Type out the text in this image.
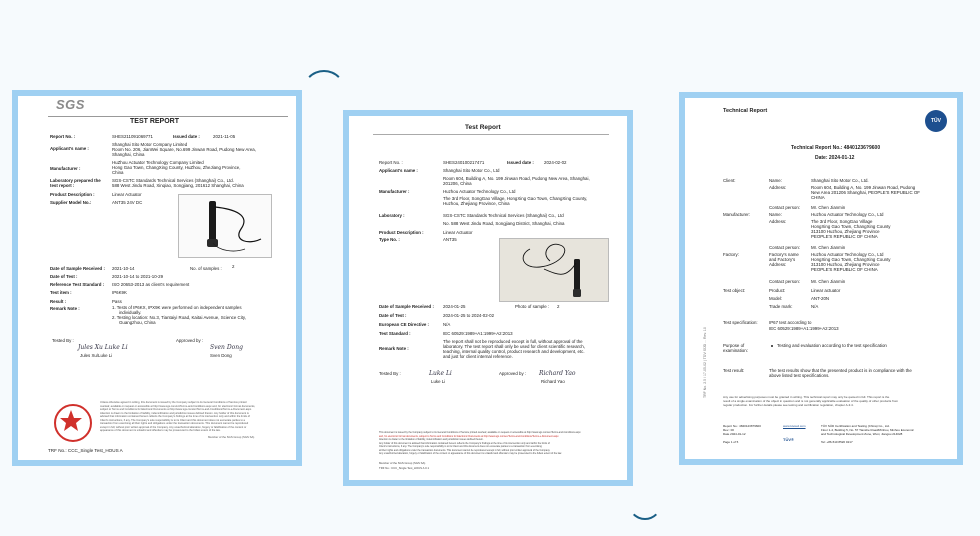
SGS
TEST REPORT
Report No. :	SHES211091069771	Issued date :	2021-11-05
Applicant's name :
Shanghai Sito Motor Company Limited
Room No. 206, JianWei Square, No.699 Jinwan Road, Pudong New Area,
Shanghai, China
Manufacturer :
HuZhou Actuator Technology Company Limited
Hong Gao Town, ChangXing County, HuZhou, ZheJiang Province,
China
Laboratory prepared the
test report :
SGS-CSTC Standards Technical Services (Shanghai) Co., Ltd.
588 West Jindu Road, Xinqiao, Songjiang, 201612 Shanghai, China
Product Description :	Linear Actuator
Supplier Model No.:	ANT35 24V DC
Date of Sample Received : 2021-10-14	No. of samples : 2
Date of Test :	2021-10-14 to 2021-10-29
Reference Test Standard : ISO 20653-2013 as client's requirement
Test item :	IP6K9K
Result :	Pass
Remark Note :	1. Tests of IP6KX, IPX9K were performed on independent samples
individually.
2. Testing location: No.3, Tiantaiyi Road, Kaitai Avenue, Science City,
Guangzhou, China
Tested By :
Jules Xu Luke Li
Jules Xu/Luke Li
Approved by :
Sven Dong
Sven Dong
Unless otherwise agreed in writing, this document is issued by the Company subject to its General Conditions of Service printed
overleaf, available on request or accessible at http://www.sgs.com/en/Terms-and-Conditions.aspx and, for electronic format documents,
subject to Terms and Conditions for Electronic Documents at http://www.sgs.com/en/Terms-and-Conditions/Terms-e-Document.aspx.
Attention is drawn to the limitation of liability, indemnification and jurisdiction issues defined therein. Any holder of this document is
advised that information contained hereon reflects the Company's findings at the time of its intervention only and within the limits of
Client's instructions, if any. The Company's sole responsibility is to its Client and this document does not exonerate parties to a
transaction from exercising all their rights and obligations under the transaction documents. This document cannot be reproduced
except in full, without prior written approval of the Company. Any unauthorized alteration, forgery or falsification of the content or
appearance of this document is unlawful and offenders may be prosecuted to the fullest extent of the law.
Member of the SGS Group (SGS SA)
TRF No.: CCC_Single Test_HOUS A
Test Report
Report No. :	SHES240100217471	Issued date : 2024-02-02
Applicant's name :	Shanghai Sito Motor Co., Ltd
Room 604, Building A, No. 199 Jinwan Road, Pudong New Area, Shanghai,
201206, China
Manufacturer :	Huzhou Actuator Technology Co., Ltd
The 3rd Floor, SongGao Village, HongXing Gao Town, ChangXing County,
Huzhou, Zhejiang Province, China
Laboratory :	SGS-CSTC Standards Technical Services (Shanghai) Co., Ltd
No. 588 West Jindu Road, Songjiang District, Shanghai, China
Product Description :	Linear Actuator
Type No. :	ANT35
Date of Sample Received : 2024-01-25	Photo of sample : 2
Date of Test :	2024-01-25 to 2024-02-02
European CE Directive :	N/A
Test Standard :	IEC 60529:1989+A1:1999+A2:2013
Remark Note :
The report shall not be reproduced except in full, without approval of the
laboratory. The test report shall only be used for client scientific research,
teaching, internal quality control, product research and development, etc.
and just for client internal reference.
Tested By :	Luke Li
Luke Li
Approved by : Richard Yao
Richard Yao
This document is issued by the Company subject to its General Conditions of Service printed overleaf, available on request or accessible at http://www.sgs.com/en/Terms-and-Conditions.aspx
and, for electronic format documents, subject to Terms and Conditions for Electronic Documents at http://www.sgs.com/en/Terms-and-Conditions/Terms-e-Document.aspx.
Attention is drawn to the limitation of liability, indemnification and jurisdiction issues defined therein.
Any holder of this document is advised that information contained hereon reflects the Company's findings at the time of its intervention only and within the limits of
Client's instructions, if any. The Company's sole responsibility is to its Client and this document does not exonerate parties to a transaction from exercising
all their rights and obligations under the transaction documents. This document cannot be reproduced except in full, without prior written approval of the Company.
Any unauthorized alteration, forgery or falsification of the content or appearance of this document is unlawful and offenders may be prosecuted to the fullest extent of the law.
Member of the SGS Group (SGS SA)
TRF No.: CCC_Single Test_HOUS A 0.1
Technical Report
TÜV
Technical Report No.: 48401236?9600
Date: 2024-01-12
Client:	Name:	Shanghai Sito Motor Co., Ltd.
Address:	Room 604, Building A, No. 199 Jinwan Road, Pudong
New Area 201206 Shanghai, PEOPLE'S REPUBLIC OF
CHINA
Contact person:	Mr. Chen Jianmin
Manufacturer:	Name:	Huzhou Actuator Technology Co., Ltd
Address:	The 3rd Floor, SongGao Village
HongXing Gao Town, ChangXing County
313100 Huzhou, Zhejiang Province
PEOPLE'S REPUBLIC OF CHINA
Contact person:	Mr. Chen Jianmin
Factory:	Factory's name	Huzhou Actuator Technology Co., Ltd
and Factory's	HongXing Gao Town, ChangXing County
Address:	313100 Huzhou, Zhejiang Province
PEOPLE'S REPUBLIC OF CHINA
Contact person:	Mr. Chen Jianmin
Test object:	Product:	Linear actuator
Model:	ANT-20N
Trade mark:	N/A
Test specification:	IP67 test according to
IEC 60529:1989+A1:1999+A2:2013
Purpose of
examination:
Testing and evaluation according to the test specification
Test result:	The test results show that the presented product is in compliance with the
above listed test specifications.
Any use for advertising purposes must be granted in writing. This technical report may only be quoted in full. This report is the
result of a single examination of the object in question and is not generally applicable evaluation of the quality of other products from
regular production. For further details please see testing and certification regulation, chapter A-3.4.
TRF No. 2.5 / 17-05-02 | TÜV SÜD ... Rev. 10
Report No.: 48401236?9600
Rev.: 00
Date 2024-01-12
Page 1 of 5
www.tuvsud.com
TÜV®
TÜV SÜD Certification and Testing (China) Co., Ltd.
Floor 1-4, Building 5, No. 57 Tianshe Road/Minhou, Minhou Economic
and Technological Development Zone, Wuxi, Jiangsu 214028
Tel: +86-510 8520 0217
